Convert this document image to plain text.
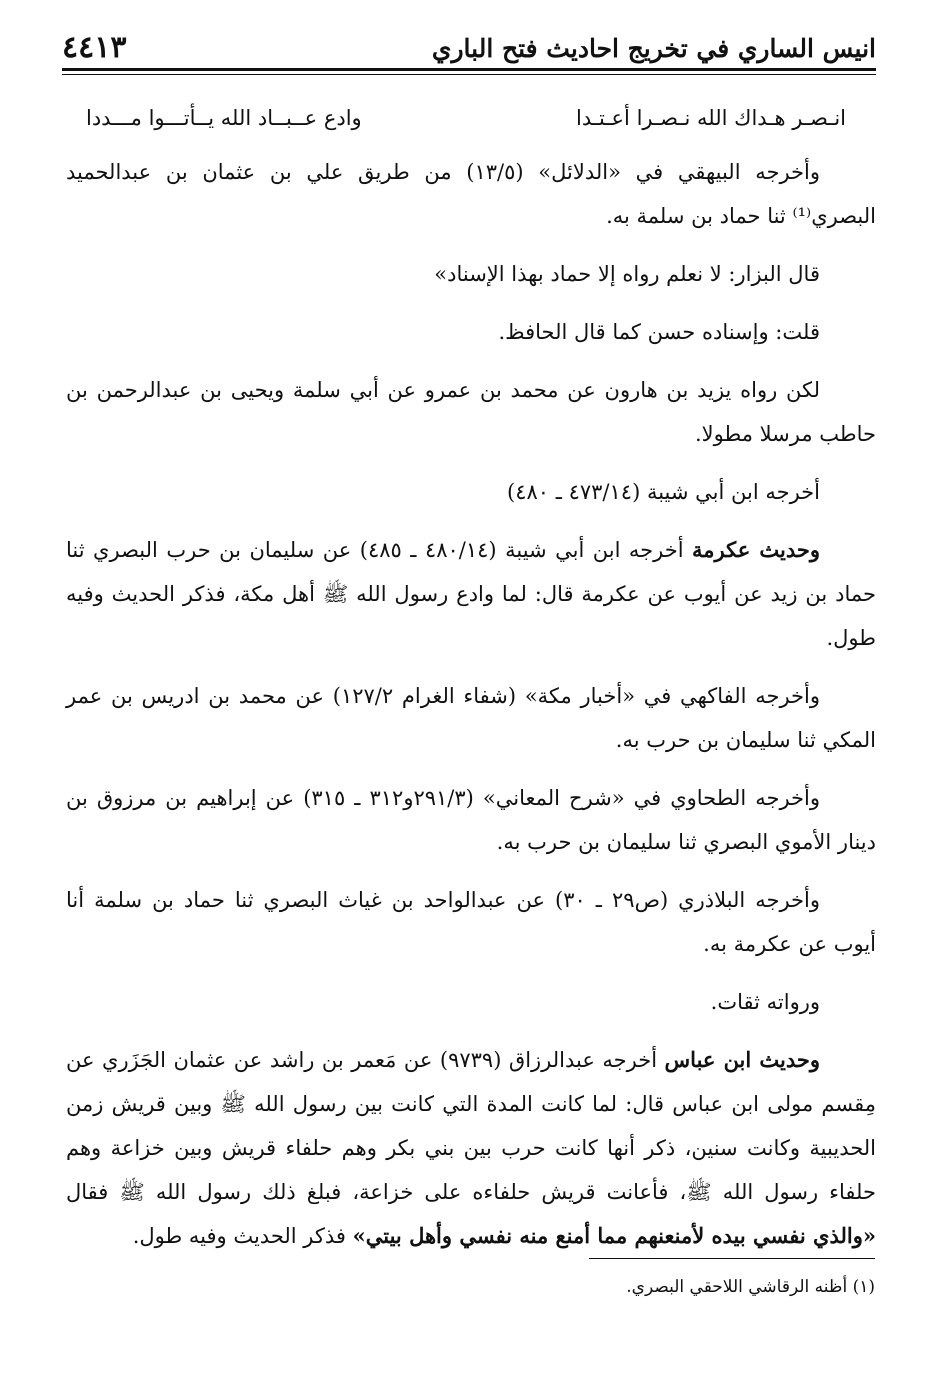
انيس الساري في تخريج احاديث فتح الباري
٤٤١٣
انـصـر هـداك الله نـصـرا أعـتـدا
وادع عــبــاد الله يــأتـــوا مـــددا

وأخرجه البيهقي في «الدلائل» (١٣/٥) من طريق علي بن عثمان بن عبدالحميد البصري⁽¹⁾ ثنا حماد بن سلمة به.

قال البزار: لا نعلم رواه إلا حماد بهذا الإسناد»

قلت: وإسناده حسن كما قال الحافظ.

لكن رواه يزيد بن هارون عن محمد بن عمرو عن أبي سلمة ويحيى بن عبدالرحمن بن حاطب مرسلا مطولا.

أخرجه ابن أبي شيبة (٤٧٣/١٤ ـ ٤٨٠)

وحديث عكرمة أخرجه ابن أبي شيبة (٤٨٠/١٤ ـ ٤٨٥) عن سليمان بن حرب البصري ثنا حماد بن زيد عن أيوب عن عكرمة قال: لما وادع رسول الله ﷺ أهل مكة، فذكر الحديث وفيه طول.

وأخرجه الفاكهي في «أخبار مكة» (شفاء الغرام ١٢٧/٢) عن محمد بن ادريس بن عمر المكي ثنا سليمان بن حرب به.

وأخرجه الطحاوي في «شرح المعاني» (٢٩١/٣و٣١٢ ـ ٣١٥) عن إبراهيم بن مرزوق بن دينار الأموي البصري ثنا سليمان بن حرب به.

وأخرجه البلاذري (ص٢٩ ـ ٣٠) عن عبدالواحد بن غياث البصري ثنا حماد بن سلمة أنا أيوب عن عكرمة به.

ورواته ثقات.

وحديث ابن عباس أخرجه عبدالرزاق (٩٧٣٩) عن مَعمر بن راشد عن عثمان الجَزَري عن مِقسم مولى ابن عباس قال: لما كانت المدة التي كانت بين رسول الله ﷺ وبين قريش زمن الحديبية وكانت سنين، ذكر أنها كانت حرب بين بني بكر وهم حلفاء قريش وبين خزاعة وهم حلفاء رسول الله ﷺ، فأعانت قريش حلفاءه على خزاعة، فبلغ ذلك رسول الله ﷺ فقال «والذي نفسي بيده لأمنعنهم مما أمنع منه نفسي وأهل بيتي» فذكر الحديث وفيه طول.

(١) أظنه الرقاشي اللاحقي البصري.
